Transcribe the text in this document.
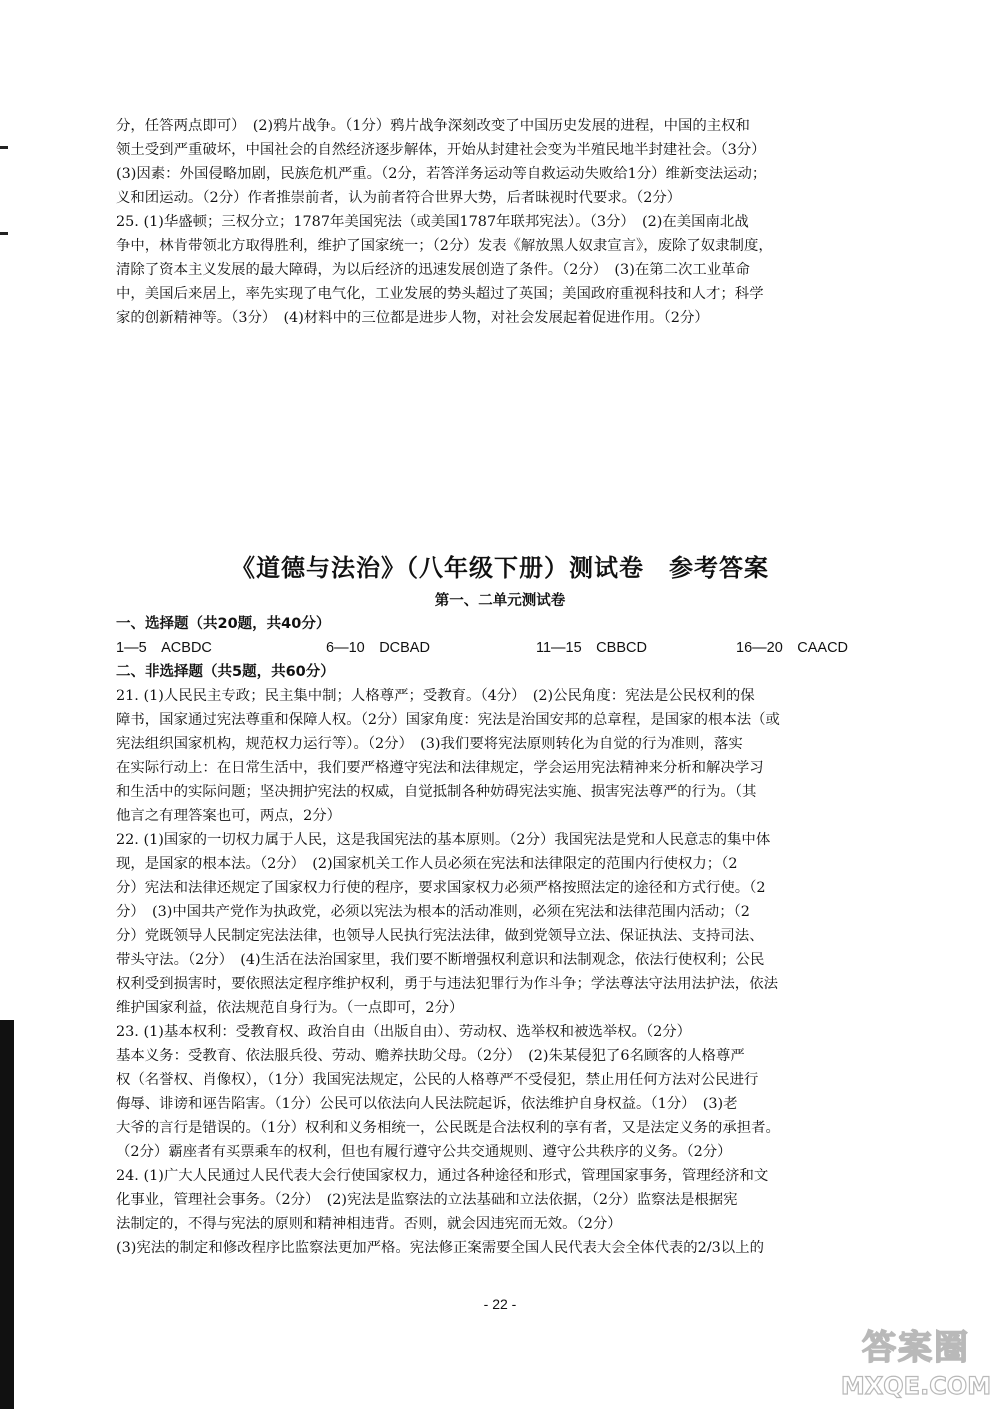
分，任答两点即可）　(2)鸦片战争。（1分）鸦片战争深刻改变了中国历史发展的进程，中国的主权和

领土受到严重破坏，中国社会的自然经济逐步解体，开始从封建社会变为半殖民地半封建社会。（3分）

(3)因素：外国侵略加剧，民族危机严重。（2分，若答洋务运动等自救运动失败给1分）维新变法运动；

义和团运动。（2分）作者推崇前者，认为前者符合世界大势，后者昧视时代要求。（2分）

25. (1)华盛顿；三权分立；1787年美国宪法（或美国1787年联邦宪法）。（3分）　(2)在美国南北战

争中，林肯带领北方取得胜利，维护了国家统一；（2分）发表《解放黑人奴隶宣言》，废除了奴隶制度，

清除了资本主义发展的最大障碍，为以后经济的迅速发展创造了条件。（2分）　(3)在第二次工业革命

中，美国后来居上，率先实现了电气化，工业发展的势头超过了英国；美国政府重视科技和人才；科学

家的创新精神等。（3分）　(4)材料中的三位都是进步人物，对社会发展起着促进作用。（2分）

《道德与法治》（八年级下册）测试卷　参考答案
第一、二单元测试卷

一、选择题（共20题，共40分）

1—5　ACBDC	6—10　DCBAD	11—15　CBBCD	16—20　CAACD

二、非选择题（共5题，共60分）

21. (1)人民民主专政；民主集中制；人格尊严；受教育。（4分）　(2)公民角度：宪法是公民权利的保

障书，国家通过宪法尊重和保障人权。（2分）国家角度：宪法是治国安邦的总章程，是国家的根本法（或

宪法组织国家机构，规范权力运行等）。（2分）　(3)我们要将宪法原则转化为自觉的行为准则，落实

在实际行动上：在日常生活中，我们要严格遵守宪法和法律规定，学会运用宪法精神来分析和解决学习

和生活中的实际问题；坚决拥护宪法的权威，自觉抵制各种妨碍宪法实施、损害宪法尊严的行为。（其

他言之有理答案也可，两点，2分）

22. (1)国家的一切权力属于人民，这是我国宪法的基本原则。（2分）我国宪法是党和人民意志的集中体

现，是国家的根本法。（2分）　(2)国家机关工作人员必须在宪法和法律限定的范围内行使权力；（2

分）宪法和法律还规定了国家权力行使的程序，要求国家权力必须严格按照法定的途径和方式行使。（2

分）　(3)中国共产党作为执政党，必须以宪法为根本的活动准则，必须在宪法和法律范围内活动；（2

分）党既领导人民制定宪法法律，也领导人民执行宪法法律，做到党领导立法、保证执法、支持司法、

带头守法。（2分）　(4)生活在法治国家里，我们要不断增强权利意识和法制观念，依法行使权利；公民

权利受到损害时，要依照法定程序维护权利，勇于与违法犯罪行为作斗争；学法尊法守法用法护法，依法

维护国家利益，依法规范自身行为。（一点即可，2分）

23. (1)基本权利：受教育权、政治自由（出版自由）、劳动权、选举权和被选举权。（2分）

基本义务：受教育、依法服兵役、劳动、赡养扶助父母。（2分）　(2)朱某侵犯了6名顾客的人格尊严

权（名誉权、肖像权），（1分）我国宪法规定，公民的人格尊严不受侵犯，禁止用任何方法对公民进行

侮辱、诽谤和诬告陷害。（1分）公民可以依法向人民法院起诉，依法维护自身权益。（1分）　(3)老

大爷的言行是错误的。（1分）权利和义务相统一，公民既是合法权利的享有者，又是法定义务的承担者。

（2分）霸座者有买票乘车的权利，但也有履行遵守公共交通规则、遵守公共秩序的义务。（2分）

24. (1)广大人民通过人民代表大会行使国家权力，通过各种途径和形式，管理国家事务，管理经济和文

化事业，管理社会事务。（2分）　(2)宪法是监察法的立法基础和立法依据，（2分）监察法是根据宪

法制定的，不得与宪法的原则和精神相违背。否则，就会因违宪而无效。（2分）

(3)宪法的制定和修改程序比监察法更加严格。宪法修正案需要全国人民代表大会全体代表的2/3以上的

- 22 -
答案圈
MXQE.COM
